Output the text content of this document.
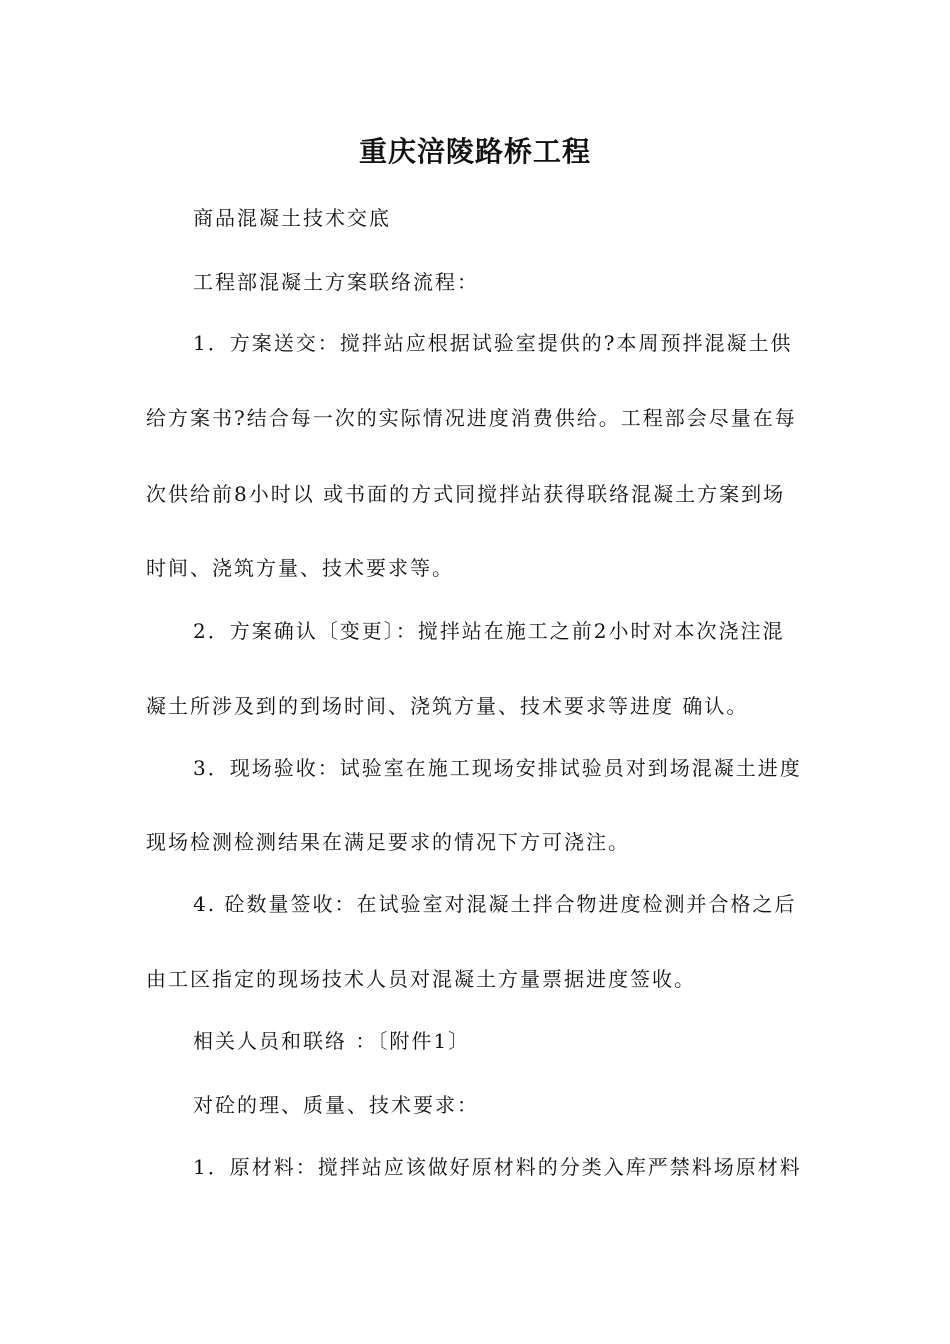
重庆涪陵路桥工程
商品混凝土技术交底
工程部混凝土方案联络流程：
1．方案送交：搅拌站应根据试验室提供的?本周预拌混凝土供
给方案书?结合每一次的实际情况进度消费供给。工程部会尽量在每
次供给前8小时以 或书面的方式同搅拌站获得联络混凝土方案到场
时间、浇筑方量、技术要求等。
2．方案确认〔变更〕：搅拌站在施工之前2小时对本次浇注混
凝土所涉及到的到场时间、浇筑方量、技术要求等进度 确认。
3．现场验收：试验室在施工现场安排试验员对到场混凝土进度
现场检测检测结果在满足要求的情况下方可浇注。
4. 砼数量签收：在试验室对混凝土拌合物进度检测并合格之后
由工区指定的现场技术人员对混凝土方量票据进度签收。
相关人员和联络 ：〔附件1〕
对砼的理、质量、技术要求：
1．原材料：搅拌站应该做好原材料的分类入库严禁料场原材料
